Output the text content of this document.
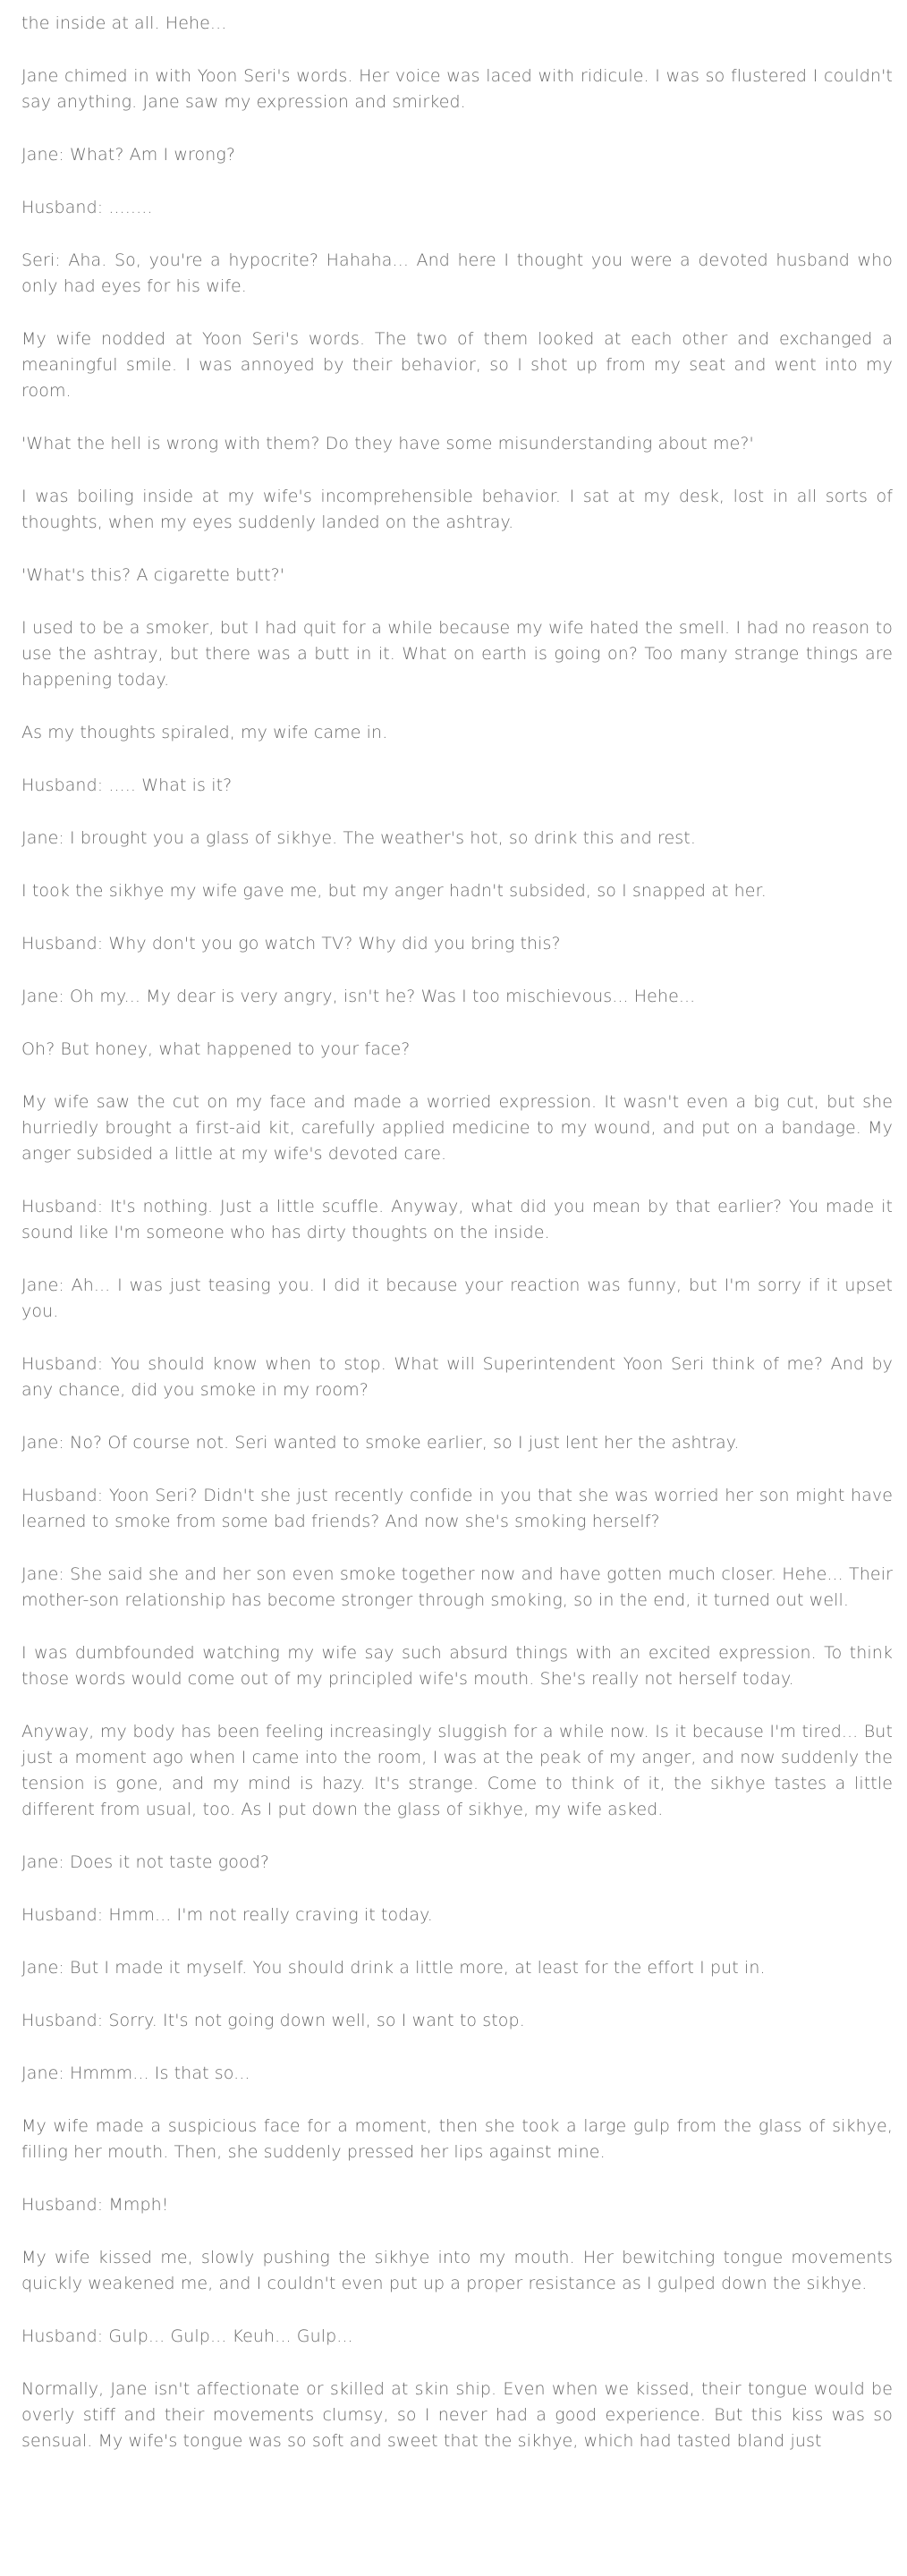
the inside at all. Hehe...

Jane chimed in with Yoon Seri's words. Her voice was laced with ridicule. I was so flustered I couldn't say anything. Jane saw my expression and smirked.

Jane: What? Am I wrong?

Husband: ........

Seri: Aha. So, you're a hypocrite? Hahaha... And here I thought you were a devoted husband who only had eyes for his wife.

My wife nodded at Yoon Seri's words. The two of them looked at each other and exchanged a meaningful smile. I was annoyed by their behavior, so I shot up from my seat and went into my room.

'What the hell is wrong with them? Do they have some misunderstanding about me?'

I was boiling inside at my wife's incomprehensible behavior. I sat at my desk, lost in all sorts of thoughts, when my eyes suddenly landed on the ashtray.

'What's this? A cigarette butt?'

I used to be a smoker, but I had quit for a while because my wife hated the smell. I had no reason to use the ashtray, but there was a butt in it. What on earth is going on? Too many strange things are happening today.

As my thoughts spiraled, my wife came in.

Husband: ..... What is it?

Jane: I brought you a glass of sikhye. The weather's hot, so drink this and rest.

I took the sikhye my wife gave me, but my anger hadn't subsided, so I snapped at her.

Husband: Why don't you go watch TV? Why did you bring this?

Jane: Oh my... My dear is very angry, isn't he? Was I too mischievous... Hehe...

Oh? But honey, what happened to your face?

My wife saw the cut on my face and made a worried expression. It wasn't even a big cut, but she hurriedly brought a first-aid kit, carefully applied medicine to my wound, and put on a bandage. My anger subsided a little at my wife's devoted care.

Husband: It's nothing. Just a little scuffle. Anyway, what did you mean by that earlier? You made it sound like I'm someone who has dirty thoughts on the inside.

Jane: Ah... I was just teasing you. I did it because your reaction was funny, but I'm sorry if it upset you.

Husband: You should know when to stop. What will Superintendent Yoon Seri think of me? And by any chance, did you smoke in my room?

Jane: No? Of course not. Seri wanted to smoke earlier, so I just lent her the ashtray.

Husband: Yoon Seri? Didn't she just recently confide in you that she was worried her son might have learned to smoke from some bad friends? And now she's smoking herself?

Jane: She said she and her son even smoke together now and have gotten much closer. Hehe... Their mother-son relationship has become stronger through smoking, so in the end, it turned out well.

I was dumbfounded watching my wife say such absurd things with an excited expression. To think those words would come out of my principled wife's mouth. She's really not herself today.

Anyway, my body has been feeling increasingly sluggish for a while now. Is it because I'm tired... But just a moment ago when I came into the room, I was at the peak of my anger, and now suddenly the tension is gone, and my mind is hazy. It's strange. Come to think of it, the sikhye tastes a little different from usual, too. As I put down the glass of sikhye, my wife asked.

Jane: Does it not taste good?

Husband: Hmm... I'm not really craving it today.

Jane: But I made it myself. You should drink a little more, at least for the effort I put in.

Husband: Sorry. It's not going down well, so I want to stop.

Jane: Hmmm... Is that so...

My wife made a suspicious face for a moment, then she took a large gulp from the glass of sikhye, filling her mouth. Then, she suddenly pressed her lips against mine.

Husband: Mmph!

My wife kissed me, slowly pushing the sikhye into my mouth. Her bewitching tongue movements quickly weakened me, and I couldn't even put up a proper resistance as I gulped down the sikhye.

Husband: Gulp... Gulp... Keuh... Gulp...

Normally, Jane isn't affectionate or skilled at skin ship. Even when we kissed, their tongue would be overly stiff and their movements clumsy, so I never had a good experience. But this kiss was so sensual. My wife's tongue was so soft and sweet that the sikhye, which had tasted bland just
